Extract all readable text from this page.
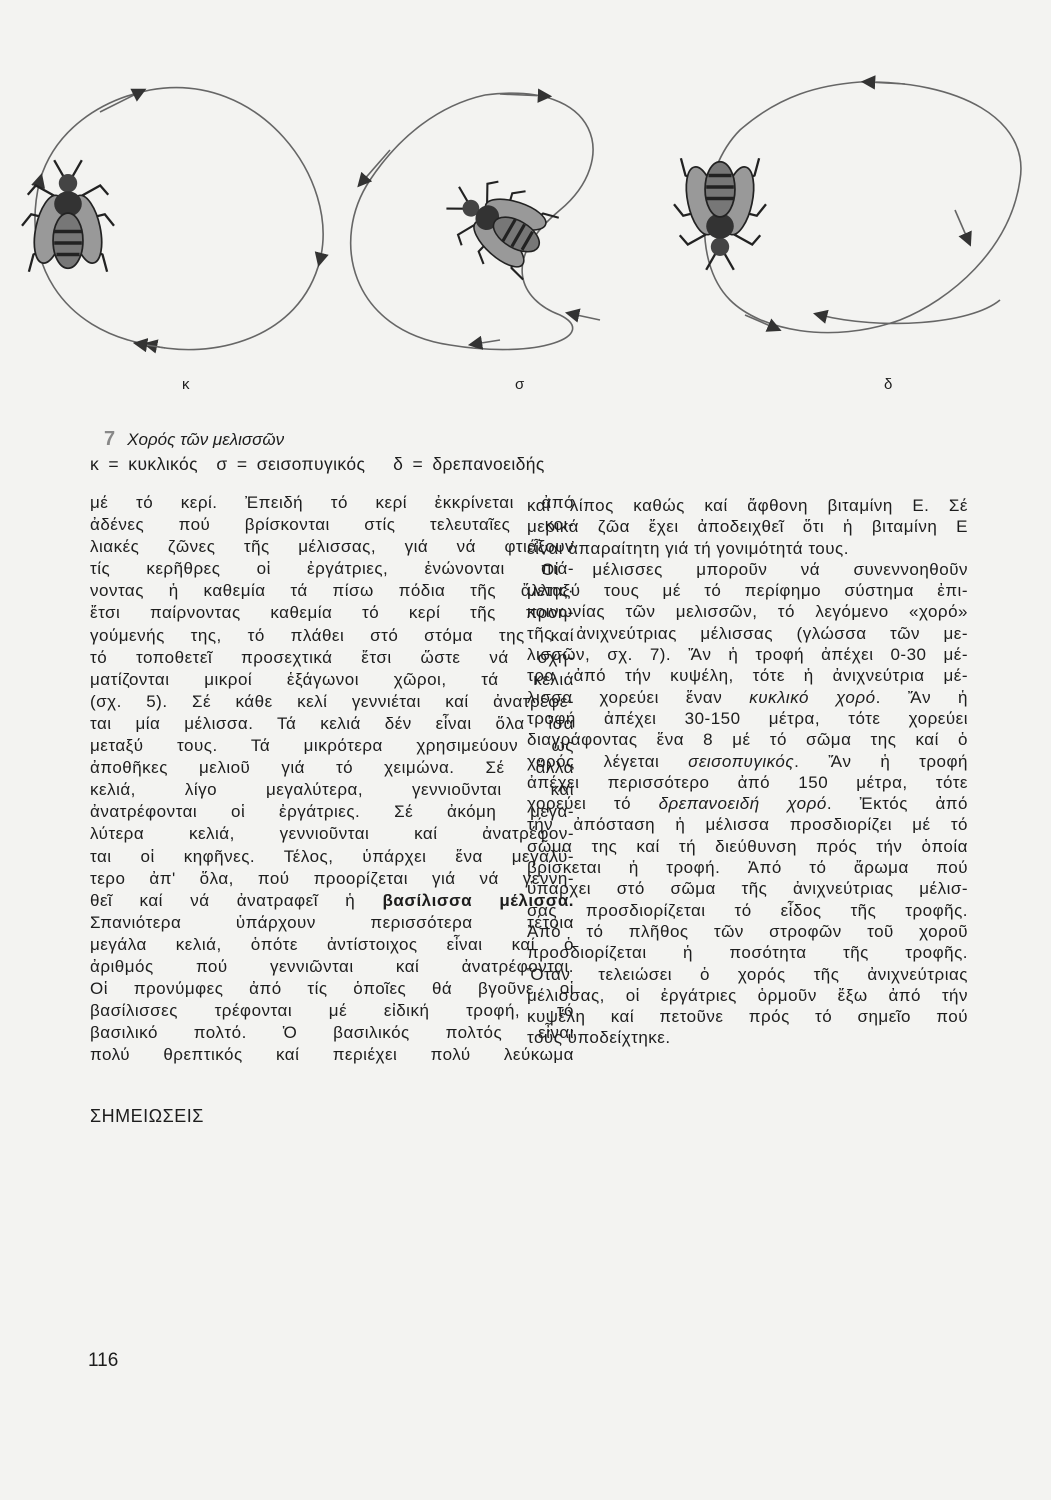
κ	σ	δ
7 Χορός τῶν μελισσῶν
κ = κυκλικός  σ = σεισοπυγικός   δ = δρεπανοειδής
μέ τό κερί. Ἐπειδή τό κερί ἐκκρίνεται ἀπό
ἀδένες πού βρίσκονται στίς τελευταῖες κοι-
λιακές ζῶνες τῆς μέλισσας, γιά νά φτιάξουν
τίς κερῆθρες οἱ ἐργάτριες, ἑνώνονται πιά-
νοντας ἡ καθεμία τά πίσω πόδια τῆς ἄλλης·
ἔτσι παίρνοντας καθεμία τό κερί τῆς προη-
γούμενής της, τό πλάθει στό στόμα της καί
τό τοποθετεῖ προσεχτικά ἔτσι ὥστε νά σχη-
ματίζονται μικροί ἑξάγωνοι χῶροι, τά κελιά
(σχ. 5). Σέ κάθε κελί γεννιέται καί ἀνατρέφε-
ται μία μέλισσα. Τά κελιά δέν εἶναι ὅλα ἴσα
μεταξύ τους. Τά μικρότερα χρησιμεύουν ὡς
ἀποθῆκες μελιοῦ γιά τό χειμώνα. Σέ ἄλλα
κελιά, λίγο μεγαλύτερα, γεννιοῦνται καί
ἀνατρέφονται οἱ ἐργάτριες. Σέ ἀκόμη μεγα-
λύτερα κελιά, γεννιοῦνται καί ἀνατρέφον-
ται οἱ κηφῆνες. Τέλος, ὑπάρχει ἕνα μεγαλύ-
τερο ἀπ' ὅλα, πού προορίζεται γιά νά γεννη-
θεῖ καί νά ἀνατραφεῖ ἡ βασίλισσα μέλισσα.
Σπανιότερα ὑπάρχουν περισσότερα τέτοια
μεγάλα κελιά, ὁπότε ἀντίστοιχος εἶναι καί ὁ
ἀριθμός πού γεννιῶνται καί ἀνατρέφονται.
Οἱ προνύμφες ἀπό τίς ὁποῖες θά βγοῦνε οἱ
βασίλισσες τρέφονται μέ εἰδική τροφή, τό
βασιλικό πολτό. Ὁ βασιλικός πολτός εἶναι
πολύ θρεπτικός καί περιέχει πολύ λεύκωμα
καί λίπος καθώς καί ἄφθονη βιταμίνη Ε. Σέ
μερικά ζῶα ἔχει ἀποδειχθεῖ ὅτι ἡ βιταμίνη Ε
εἶναι ἀπαραίτητη γιά τή γονιμότητά τους.
Οἱ μέλισσες μποροῦν νά συνεννοηθοῦν
μεταξύ τους μέ τό περίφημο σύστημα ἐπι-
κοινωνίας τῶν μελισσῶν, τό λεγόμενο «χορό»
τῆς ἀνιχνεύτριας μέλισσας (γλώσσα τῶν με-
λισσῶν, σχ. 7). Ἄν ἡ τροφή ἀπέχει 0-30 μέ-
τρα ἀπό τήν κυψέλη, τότε ἡ ἀνιχνεύτρια μέ-
λισσα χορεύει ἕναν κυκλικό χορό. Ἄν ἡ
τροφή ἀπέχει 30-150 μέτρα, τότε χορεύει
διαγράφοντας ἕνα 8 μέ τό σῶμα της καί ὁ
χορός λέγεται σεισοπυγικός. Ἄν ἡ τροφή
ἀπέχει περισσότερο ἀπό 150 μέτρα, τότε
χορεύει τό δρεπανοειδή χορό. Ἐκτός ἀπό
τήν ἀπόσταση ἡ μέλισσα προσδιορίζει μέ τό
σῶμα της καί τή διεύθυνση πρός τήν ὁποία
βρίσκεται ἡ τροφή. Ἀπό τό ἄρωμα πού
ὑπάρχει στό σῶμα τῆς ἀνιχνεύτριας μέλισ-
σας προσδιορίζεται τό εἶδος τῆς τροφῆς.
Ἀπό τό πλῆθος τῶν στροφῶν τοῦ χοροῦ
προσδιορίζεται ἡ ποσότητα τῆς τροφῆς.
Ὅταν τελειώσει ὁ χορός τῆς ἀνιχνεύτριας
μέλισσας, οἱ ἐργάτριες ὁρμοῦν ἔξω ἀπό τήν
κυψέλη καί πετοῦνε πρός τό σημεῖο πού
τούς ὑποδείχτηκε.
ΣΗΜΕΙΩΣΕΙΣ
116
